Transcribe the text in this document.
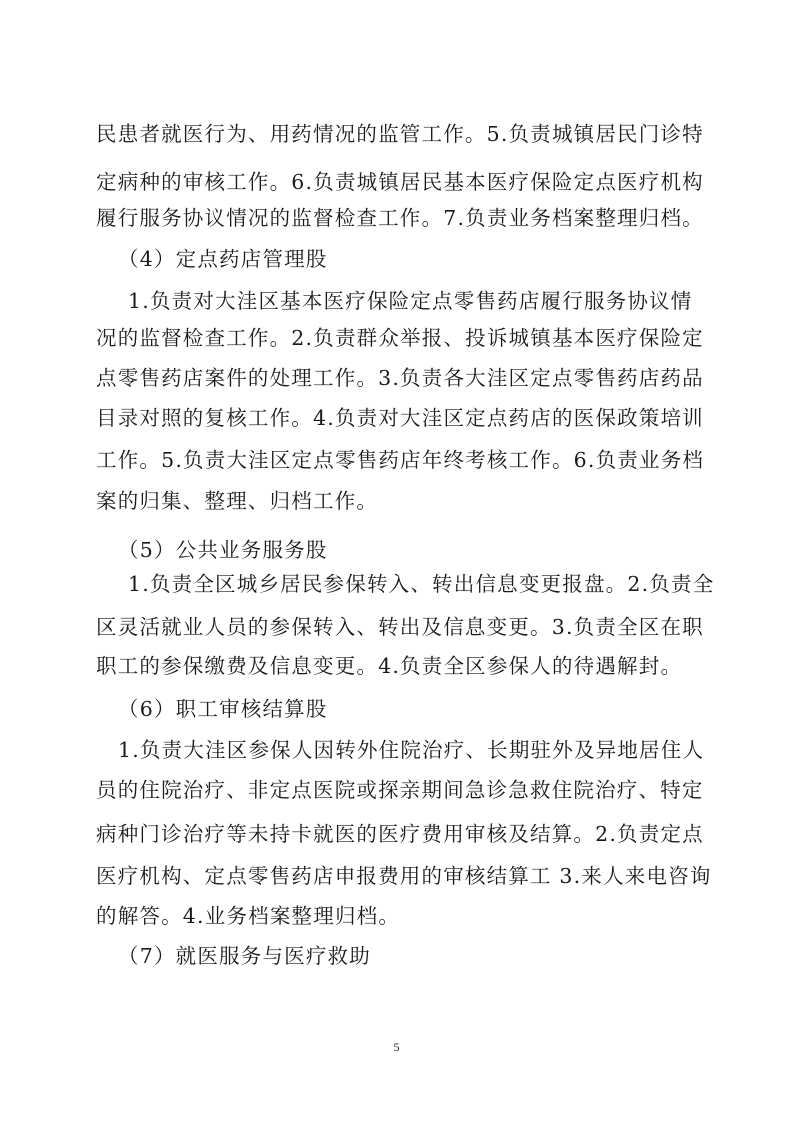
民患者就医行为、用药情况的监管工作。5.负责城镇居民门诊特
定病种的审核工作。6.负责城镇居民基本医疗保险定点医疗机构
履行服务协议情况的监督检查工作。7.负责业务档案整理归档。
（4）定点药店管理股
1.负责对大洼区基本医疗保险定点零售药店履行服务协议情
况的监督检查工作。2.负责群众举报、投诉城镇基本医疗保险定
点零售药店案件的处理工作。3.负责各大洼区定点零售药店药品
目录对照的复核工作。4.负责对大洼区定点药店的医保政策培训
工作。5.负责大洼区定点零售药店年终考核工作。6.负责业务档
案的归集、整理、归档工作。
（5）公共业务服务股
1.负责全区城乡居民参保转入、转出信息变更报盘。2.负责全
区灵活就业人员的参保转入、转出及信息变更。3.负责全区在职
职工的参保缴费及信息变更。4.负责全区参保人的待遇解封。
（6）职工审核结算股
1.负责大洼区参保人因转外住院治疗、长期驻外及异地居住人
员的住院治疗、非定点医院或探亲期间急诊急救住院治疗、特定
病种门诊治疗等未持卡就医的医疗费用审核及结算。2.负责定点
医疗机构、定点零售药店申报费用的审核结算工 3.来人来电咨询
的解答。4.业务档案整理归档。
（7）就医服务与医疗救助
5
